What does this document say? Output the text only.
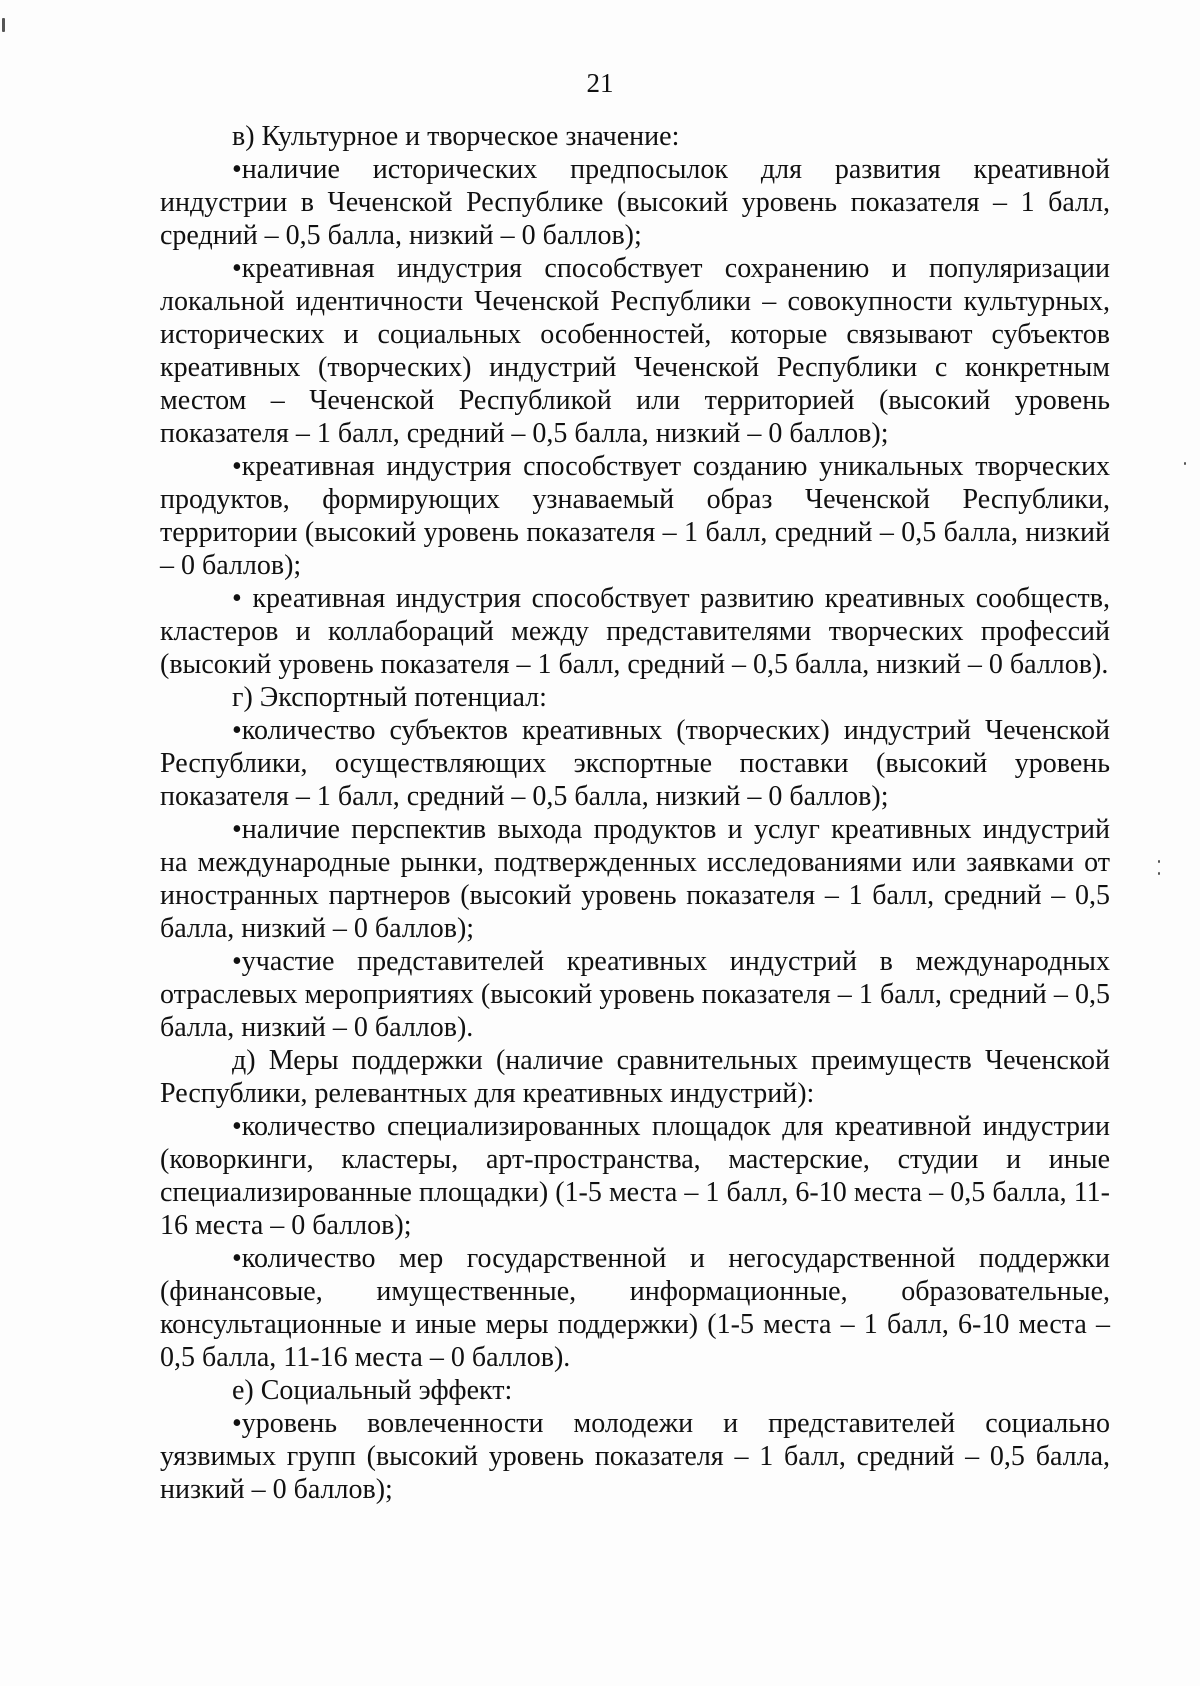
21

в) Культурное и творческое значение:

•наличие исторических предпосылок для развития креативной индустрии в Чеченской Республике (высокий уровень показателя – 1 балл, средний – 0,5 балла, низкий – 0 баллов);

•креативная индустрия способствует сохранению и популяризации локальной идентичности Чеченской Республики – совокупности культурных, исторических и социальных особенностей, которые связывают субъектов креативных (творческих) индустрий Чеченской Республики с конкретным местом – Чеченской Республикой или территорией (высокий уровень показателя – 1 балл, средний – 0,5 балла, низкий – 0 баллов);

•креативная индустрия способствует созданию уникальных творческих продуктов, формирующих узнаваемый образ Чеченской Республики, территории (высокий уровень показателя – 1 балл, средний – 0,5 балла, низкий – 0 баллов);

• креативная индустрия способствует развитию креативных сообществ, кластеров и коллабораций между представителями творческих профессий (высокий уровень показателя – 1 балл, средний – 0,5 балла, низкий – 0 баллов).

г) Экспортный потенциал:

•количество субъектов креативных (творческих) индустрий Чеченской Республики, осуществляющих экспортные поставки (высокий уровень показателя – 1 балл, средний – 0,5 балла, низкий – 0 баллов);

•наличие перспектив выхода продуктов и услуг креативных индустрий на международные рынки, подтвержденных исследованиями или заявками от иностранных партнеров (высокий уровень показателя – 1 балл, средний – 0,5 балла, низкий – 0 баллов);

•участие представителей креативных индустрий в международных отраслевых мероприятиях (высокий уровень показателя – 1 балл, средний – 0,5 балла, низкий – 0 баллов).

д) Меры поддержки (наличие сравнительных преимуществ Чеченской Республики, релевантных для креативных индустрий):

•количество специализированных площадок для креативной индустрии (коворкинги, кластеры, арт-пространства, мастерские, студии и иные специализированные площадки) (1-5 места – 1 балл, 6-10 места – 0,5 балла, 11-16 места – 0 баллов);

•количество мер государственной и негосударственной поддержки (финансовые, имущественные, информационные, образовательные, консультационные и иные меры поддержки) (1-5 места – 1 балл, 6-10 места – 0,5 балла, 11-16 места – 0 баллов).

е) Социальный эффект:

•уровень вовлеченности молодежи и представителей социально уязвимых групп (высокий уровень показателя – 1 балл, средний – 0,5 балла, низкий – 0 баллов);
